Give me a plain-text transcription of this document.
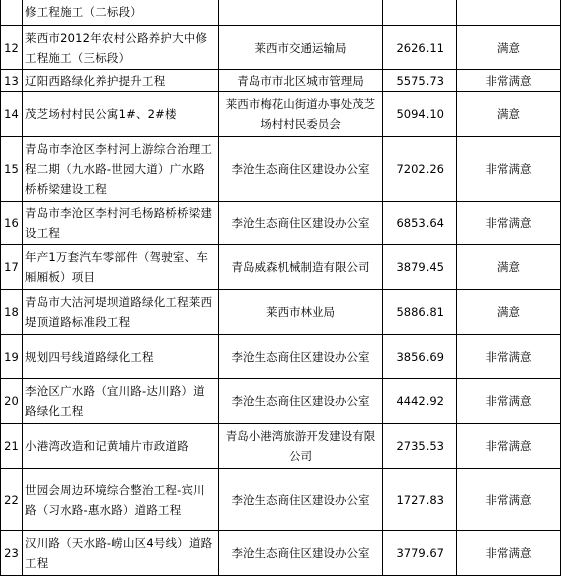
	修工程施工（二标段）			
12	莱西市2012年农村公路养护大中修工程施工（三标段）	莱西市交通运输局	2626.11	满意
13	辽阳西路绿化养护提升工程	青岛市市北区城市管理局	5575.73	非常满意
14	茂芝场村村民公寓1#、2#楼	莱西市梅花山街道办事处茂芝场村村民委员会	5094.10	满意
15	青岛市李沧区李村河上游综合治理工程二期（九水路-世园大道）广水路桥桥梁建设工程	李沧生态商住区建设办公室	7202.26	非常满意
16	青岛市李沧区李村河毛杨路桥桥梁建设工程	李沧生态商住区建设办公室	6853.64	非常满意
17	年产1万套汽车零部件（驾驶室、车厢厢板）项目	青岛威森机械制造有限公司	3879.45	满意
18	青岛市大沽河堤坝道路绿化工程莱西堤顶道路标准段工程	莱西市林业局	5886.81	满意
19	规划四号线道路绿化工程	李沧生态商住区建设办公室	3856.69	非常满意
20	李沧区广水路（宜川路-达川路）道路绿化工程	李沧生态商住区建设办公室	4442.92	非常满意
21	小港湾改造和记黄埔片市政道路	青岛小港湾旅游开发建设有限公司	2735.53	非常满意
22	世园会周边环境综合整治工程-宾川路（习水路-惠水路）道路工程	李沧生态商住区建设办公室	1727.83	非常满意
23	汉川路（天水路-崂山区4号线）道路工程	李沧生态商住区建设办公室	3779.67	非常满意
